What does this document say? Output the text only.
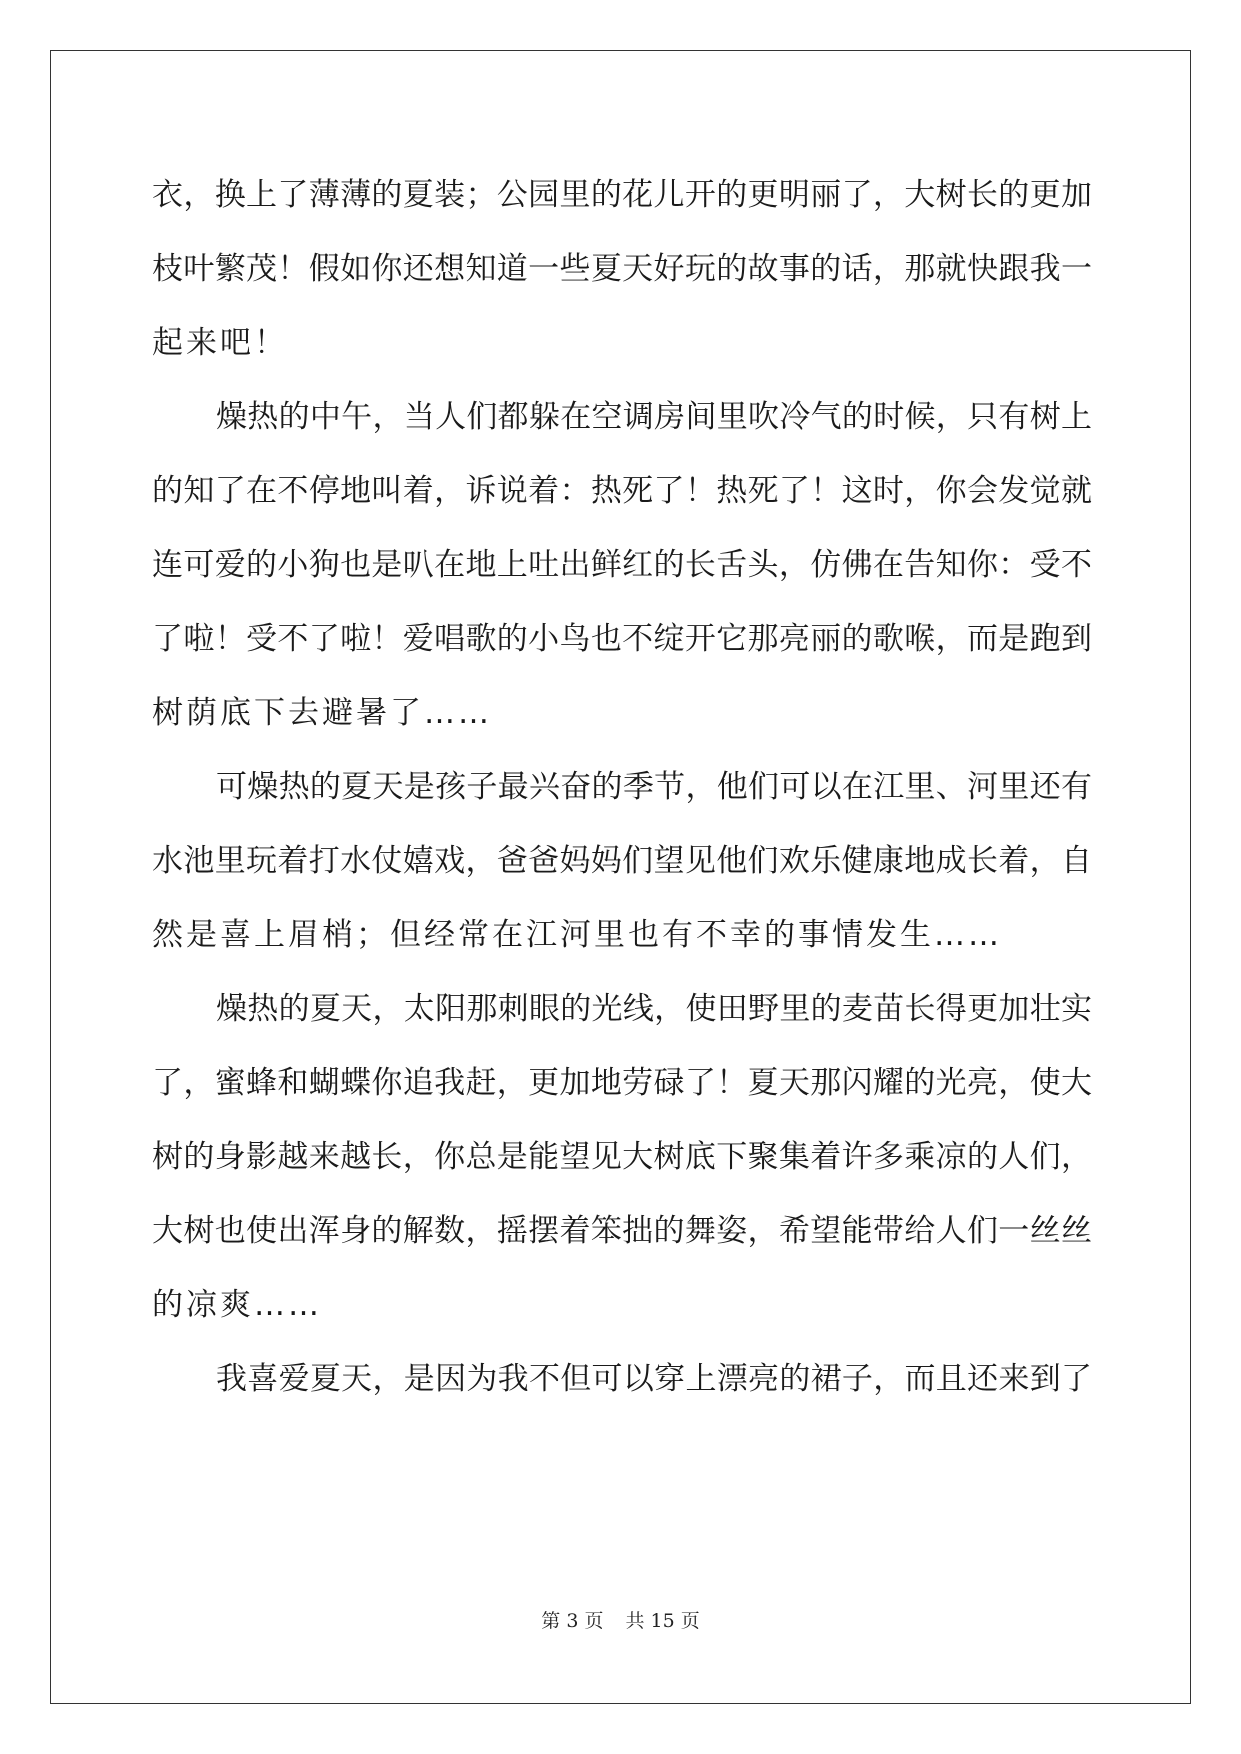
衣，换上了薄薄的夏装；公园里的花儿开的更明丽了，大树长的更加
枝叶繁茂！假如你还想知道一些夏天好玩的故事的话，那就快跟我一
起来吧！
燥热的中午，当人们都躲在空调房间里吹冷气的时候，只有树上
的知了在不停地叫着，诉说着：热死了！热死了！这时，你会发觉就
连可爱的小狗也是叭在地上吐出鲜红的长舌头，仿佛在告知你：受不
了啦！受不了啦！爱唱歌的小鸟也不绽开它那亮丽的歌喉，而是跑到
树荫底下去避暑了……
可燥热的夏天是孩子最兴奋的季节，他们可以在江里、河里还有
水池里玩着打水仗嬉戏，爸爸妈妈们望见他们欢乐健康地成长着，自
然是喜上眉梢；但经常在江河里也有不幸的事情发生……
燥热的夏天，太阳那刺眼的光线，使田野里的麦苗长得更加壮实
了，蜜蜂和蝴蝶你追我赶，更加地劳碌了！夏天那闪耀的光亮，使大
树的身影越来越长，你总是能望见大树底下聚集着许多乘凉的人们，
大树也使出浑身的解数，摇摆着笨拙的舞姿，希望能带给人们一丝丝
的凉爽……
我喜爱夏天，是因为我不但可以穿上漂亮的裙子，而且还来到了
第 3 页 共 15 页
